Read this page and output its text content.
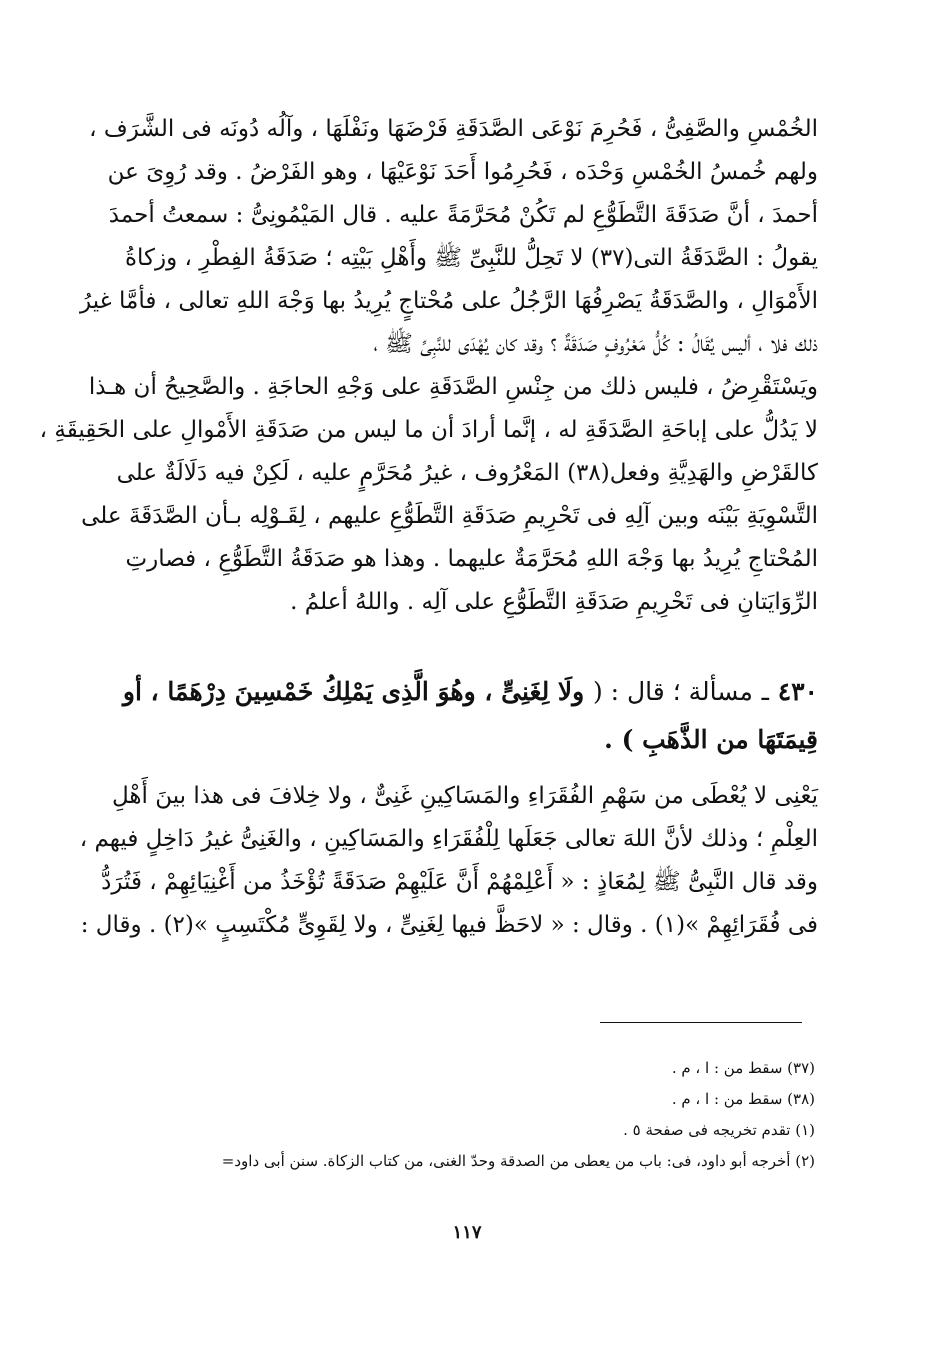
الخُمْسِ والصَّفِىُّ ، فَحُرِمَ نَوْعَى الصَّدَقَةِ فَرْضَهَا ونَفْلَهَا ، وآلُه دُونَه فى الشَّرَف ،
ولهم خُمسُ الخُمْسِ وَحْدَه ، فَحُرِمُوا أَحَدَ نَوْعَيْهَا ، وهو الفَرْضُ . وقد رُوِىَ عن
أحمدَ ، أنَّ صَدَقَةَ التَّطَوُّعِ لم تَكُنْ مُحَرَّمَةً عليه . قال المَيْمُونِىُّ : سمعتُ أحمدَ
يقولُ : الصَّدَقَةُ التى(٣٧) لا تَحِلُّ للنَّبِىِّ ﷺ وأَهْلِ بَيْتِه ؛ صَدَقَةُ الفِطْرِ ، وزكاةُ
الأَمْوَالِ ، والصَّدَقَةُ يَصْرِفُهَا الرَّجُلُ على مُحْتاجٍ يُرِيدُ بها وَجْهَ اللهِ تعالى ، فأمَّا غيرُ
ذلك فلا ، أليس يُقَالُ : كُلُّ مَعْرُوفٍ صَدَقَةٌ ؟ وقد كان يُهْدَى للنَّبِىِّ ﷺ ،
ويَسْتَقْرِضُ ، فليس ذلك من جِنْسِ الصَّدَقَةِ على وَجْهِ الحاجَةِ . والصَّحِيحُ أن هـذا
لا يَدُلُّ على إباحَةِ الصَّدَقَةِ له ، إنَّما أرادَ أن ما ليس من صَدَقَةِ الأَمْوالِ على الحَقِيقَةِ ،
كالقَرْضِ والهَدِيَّةِ وفعل(٣٨) المَعْرُوف ، غيرُ مُحَرَّمٍ عليه ، لَكِنْ فيه دَلَالَةٌ على
التَّسْوِيَةِ بَيْنَه وبين آلِهِ فى تَحْرِيمِ صَدَقَةِ التَّطَوُّعِ عليهم ، لِقَـوْلِه بـأن الصَّدَقَةَ على
المُحْتاجِ يُرِيدُ بها وَجْهَ اللهِ مُحَرَّمَةٌ عليهما . وهذا هو صَدَقَةُ التَّطَوُّعِ ، فصارتِ
الرِّوَايَتانِ فى تَحْرِيمِ صَدَقَةِ التَّطَوُّعِ على آلِه . واللهُ أعلمُ .
٤٣٠ ـ مسألة ؛ قال : ( ولَا لِغَنِىٍّ ، وهُوَ الَّذِى يَمْلِكُ خَمْسِينَ دِرْهَمًا ، أو
قِيمَتَهَا من الذَّهَبِ ) .
يَعْنِى لا يُعْطَى من سَهْمِ الفُقَرَاءِ والمَسَاكِينِ غَنِىٌّ ، ولا خِلافَ فى هذا بينَ أَهْلِ
العِلْمِ ؛ وذلك لأنَّ اللهَ تعالى جَعَلَها لِلْفُقَرَاءِ والمَسَاكِينِ ، والغَنِىُّ غيرُ دَاخِلٍ فيهم ،
وقد قال النَّبِىُّ ﷺ لِمُعَاذٍ : « أَعْلِمْهُمْ أَنَّ عَلَيْهِمْ صَدَقَةً تُؤْخَذُ من أَغْنِيَائِهِمْ ، فَتُرَدُّ
فى فُقَرَائِهِمْ »(١) . وقال : « لاحَظَّ فيها لِغَنِىٍّ ، ولا لِقَوِىٍّ مُكْتَسِبٍ »(٢) . وقال :
(٣٧) سقط من : ا ، م .
(٣٨) سقط من : ا ، م .
(١) تقدم تخريجه فى صفحة ٥ .
(٢) أخرجه أبو داود، فى: باب من يعطى من الصدقة وحدّ الغنى، من كتاب الزكاة. سنن أبى داود=
١١٧
